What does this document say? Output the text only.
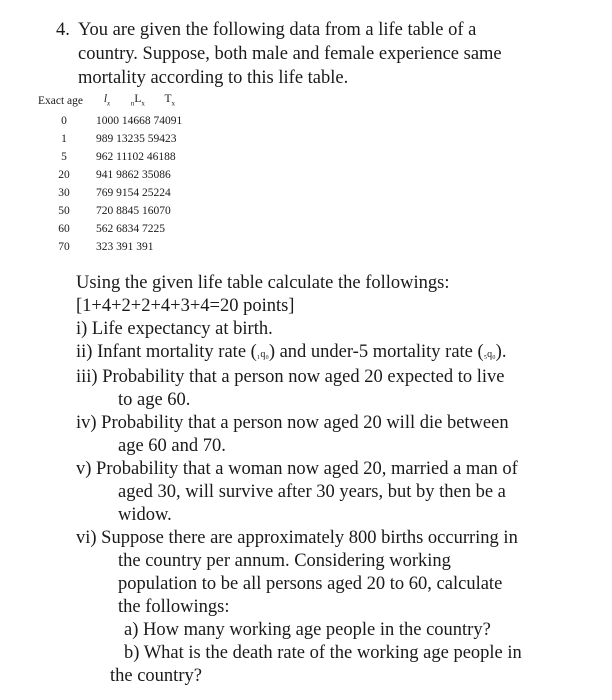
4. You are given the following data from a life table of a
country. Suppose, both male and female experience same
mortality according to this life table.
Exact age	$l_x$ $_nL_x$ $T_x$
0	1000 14668 74091
1	989 13235 59423
5	962 11102 46188
20	941 9862 35086
30	769 9154 25224
50	720 8845 16070
60	562 6834 7225
70	323 391 391
Using the given life table calculate the followings:
[1+4+2+2+4+3+4=20 points]
i) Life expectancy at birth.
ii) Infant mortality rate (₁q₀) and under-5 mortality rate (₅q₀).
iii) Probability that a person now aged 20 expected to live
to age 60.
iv) Probability that a person now aged 20 will die between
age 60 and 70.
v) Probability that a woman now aged 20, married a man of
aged 30, will survive after 30 years, but by then be a
widow.
vi) Suppose there are approximately 800 births occurring in
the country per annum. Considering working
population to be all persons aged 20 to 60, calculate
the followings:
a) How many working age people in the country?
b) What is the death rate of the working age people in
the country?
